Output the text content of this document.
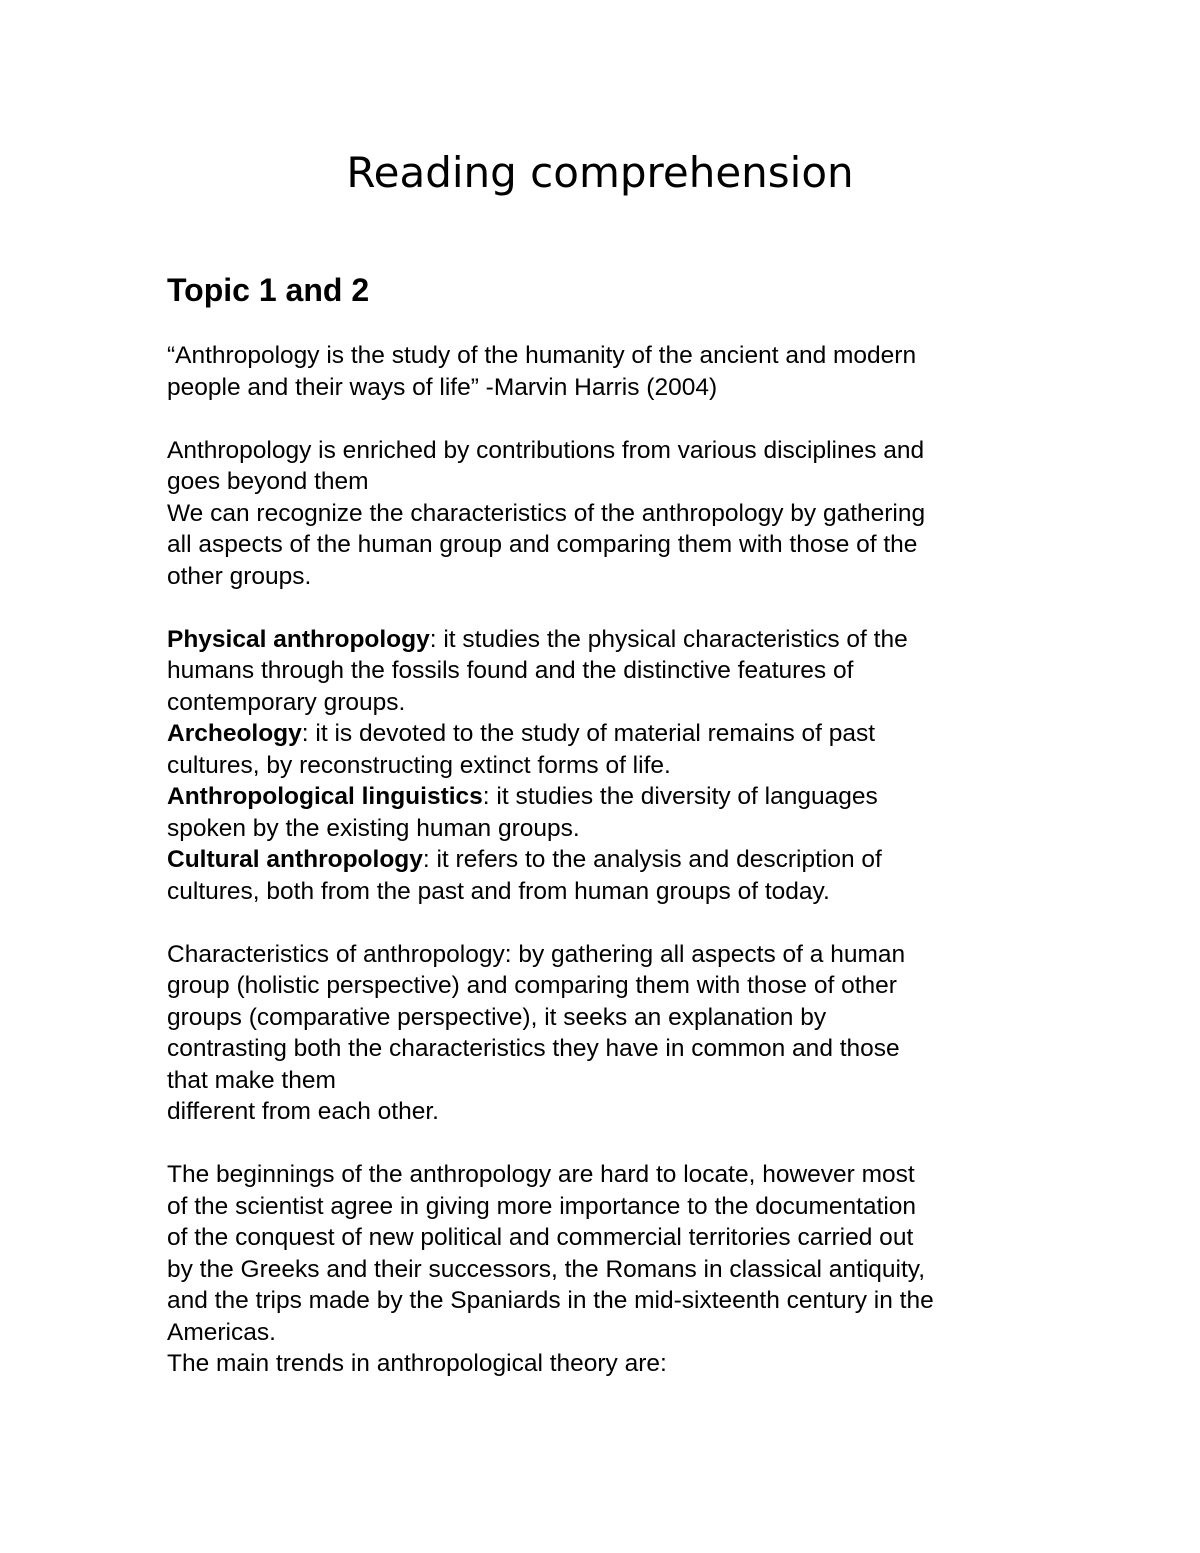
Reading comprehension
Topic 1 and 2

“Anthropology is the study of the humanity of the ancient and modern
people and their ways of life” -Marvin Harris (2004)

Anthropology is enriched by contributions from various disciplines and
goes beyond them
We can recognize the characteristics of the anthropology by gathering
all aspects of the human group and comparing them with those of the
other groups.

Physical anthropology: it studies the physical characteristics of the
humans through the fossils found and the distinctive features of
contemporary groups.
Archeology: it is devoted to the study of material remains of past
cultures, by reconstructing extinct forms of life.
Anthropological linguistics: it studies the diversity of languages
spoken by the existing human groups.
Cultural anthropology: it refers to the analysis and description of
cultures, both from the past and from human groups of today.

Characteristics of anthropology: by gathering all aspects of a human
group (holistic perspective) and comparing them with those of other
groups (comparative perspective), it seeks an explanation by
contrasting both the characteristics they have in common and those
that make them
different from each other.

The beginnings of the anthropology are hard to locate, however most
of the scientist agree in giving more importance to the documentation
of the conquest of new political and commercial territories carried out
by the Greeks and their successors, the Romans in classical antiquity,
and the trips made by the Spaniards in the mid-sixteenth century in the
Americas.
The main trends in anthropological theory are:
